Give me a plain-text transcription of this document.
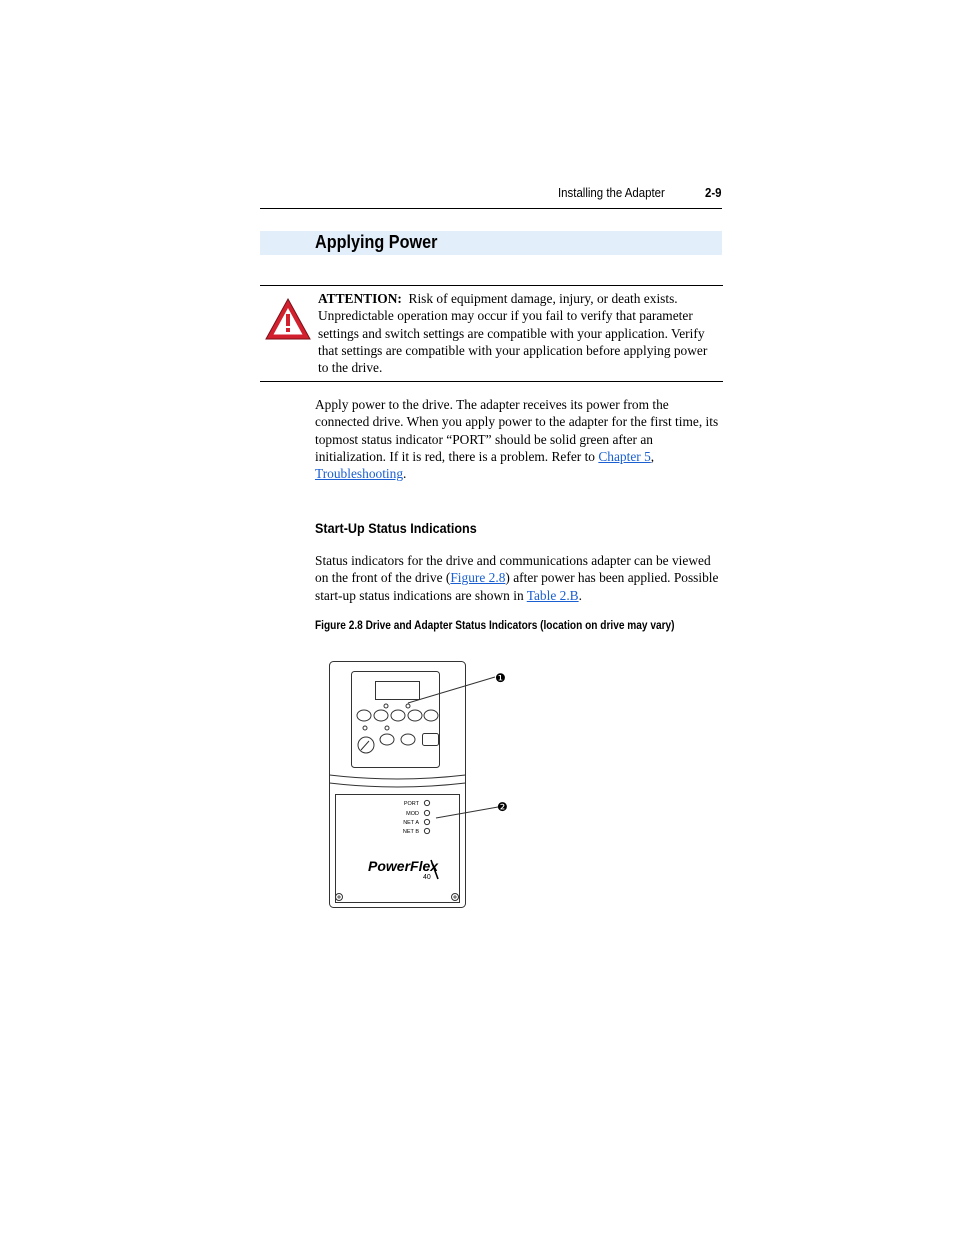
Installing the Adapter	2-9
Applying Power
ATTENTION: Risk of equipment damage, injury, or death exists. Unpredictable operation may occur if you fail to verify that parameter settings and switch settings are compatible with your application. Verify that settings are compatible with your application before applying power to the drive.
Apply power to the drive. The adapter receives its power from the connected drive. When you apply power to the adapter for the first time, its topmost status indicator “PORT” should be solid green after an initialization. If it is red, there is a problem. Refer to Chapter 5, Troubleshooting.
Start-Up Status Indications
Status indicators for the drive and communications adapter can be viewed on the front of the drive (Figure 2.8) after power has been applied. Possible start-up status indications are shown in Table 2.B.
Figure 2.8 Drive and Adapter Status Indicators (location on drive may vary)
PORT
MOD
NET A
NET B
PowerFlex
40
❶
❷
